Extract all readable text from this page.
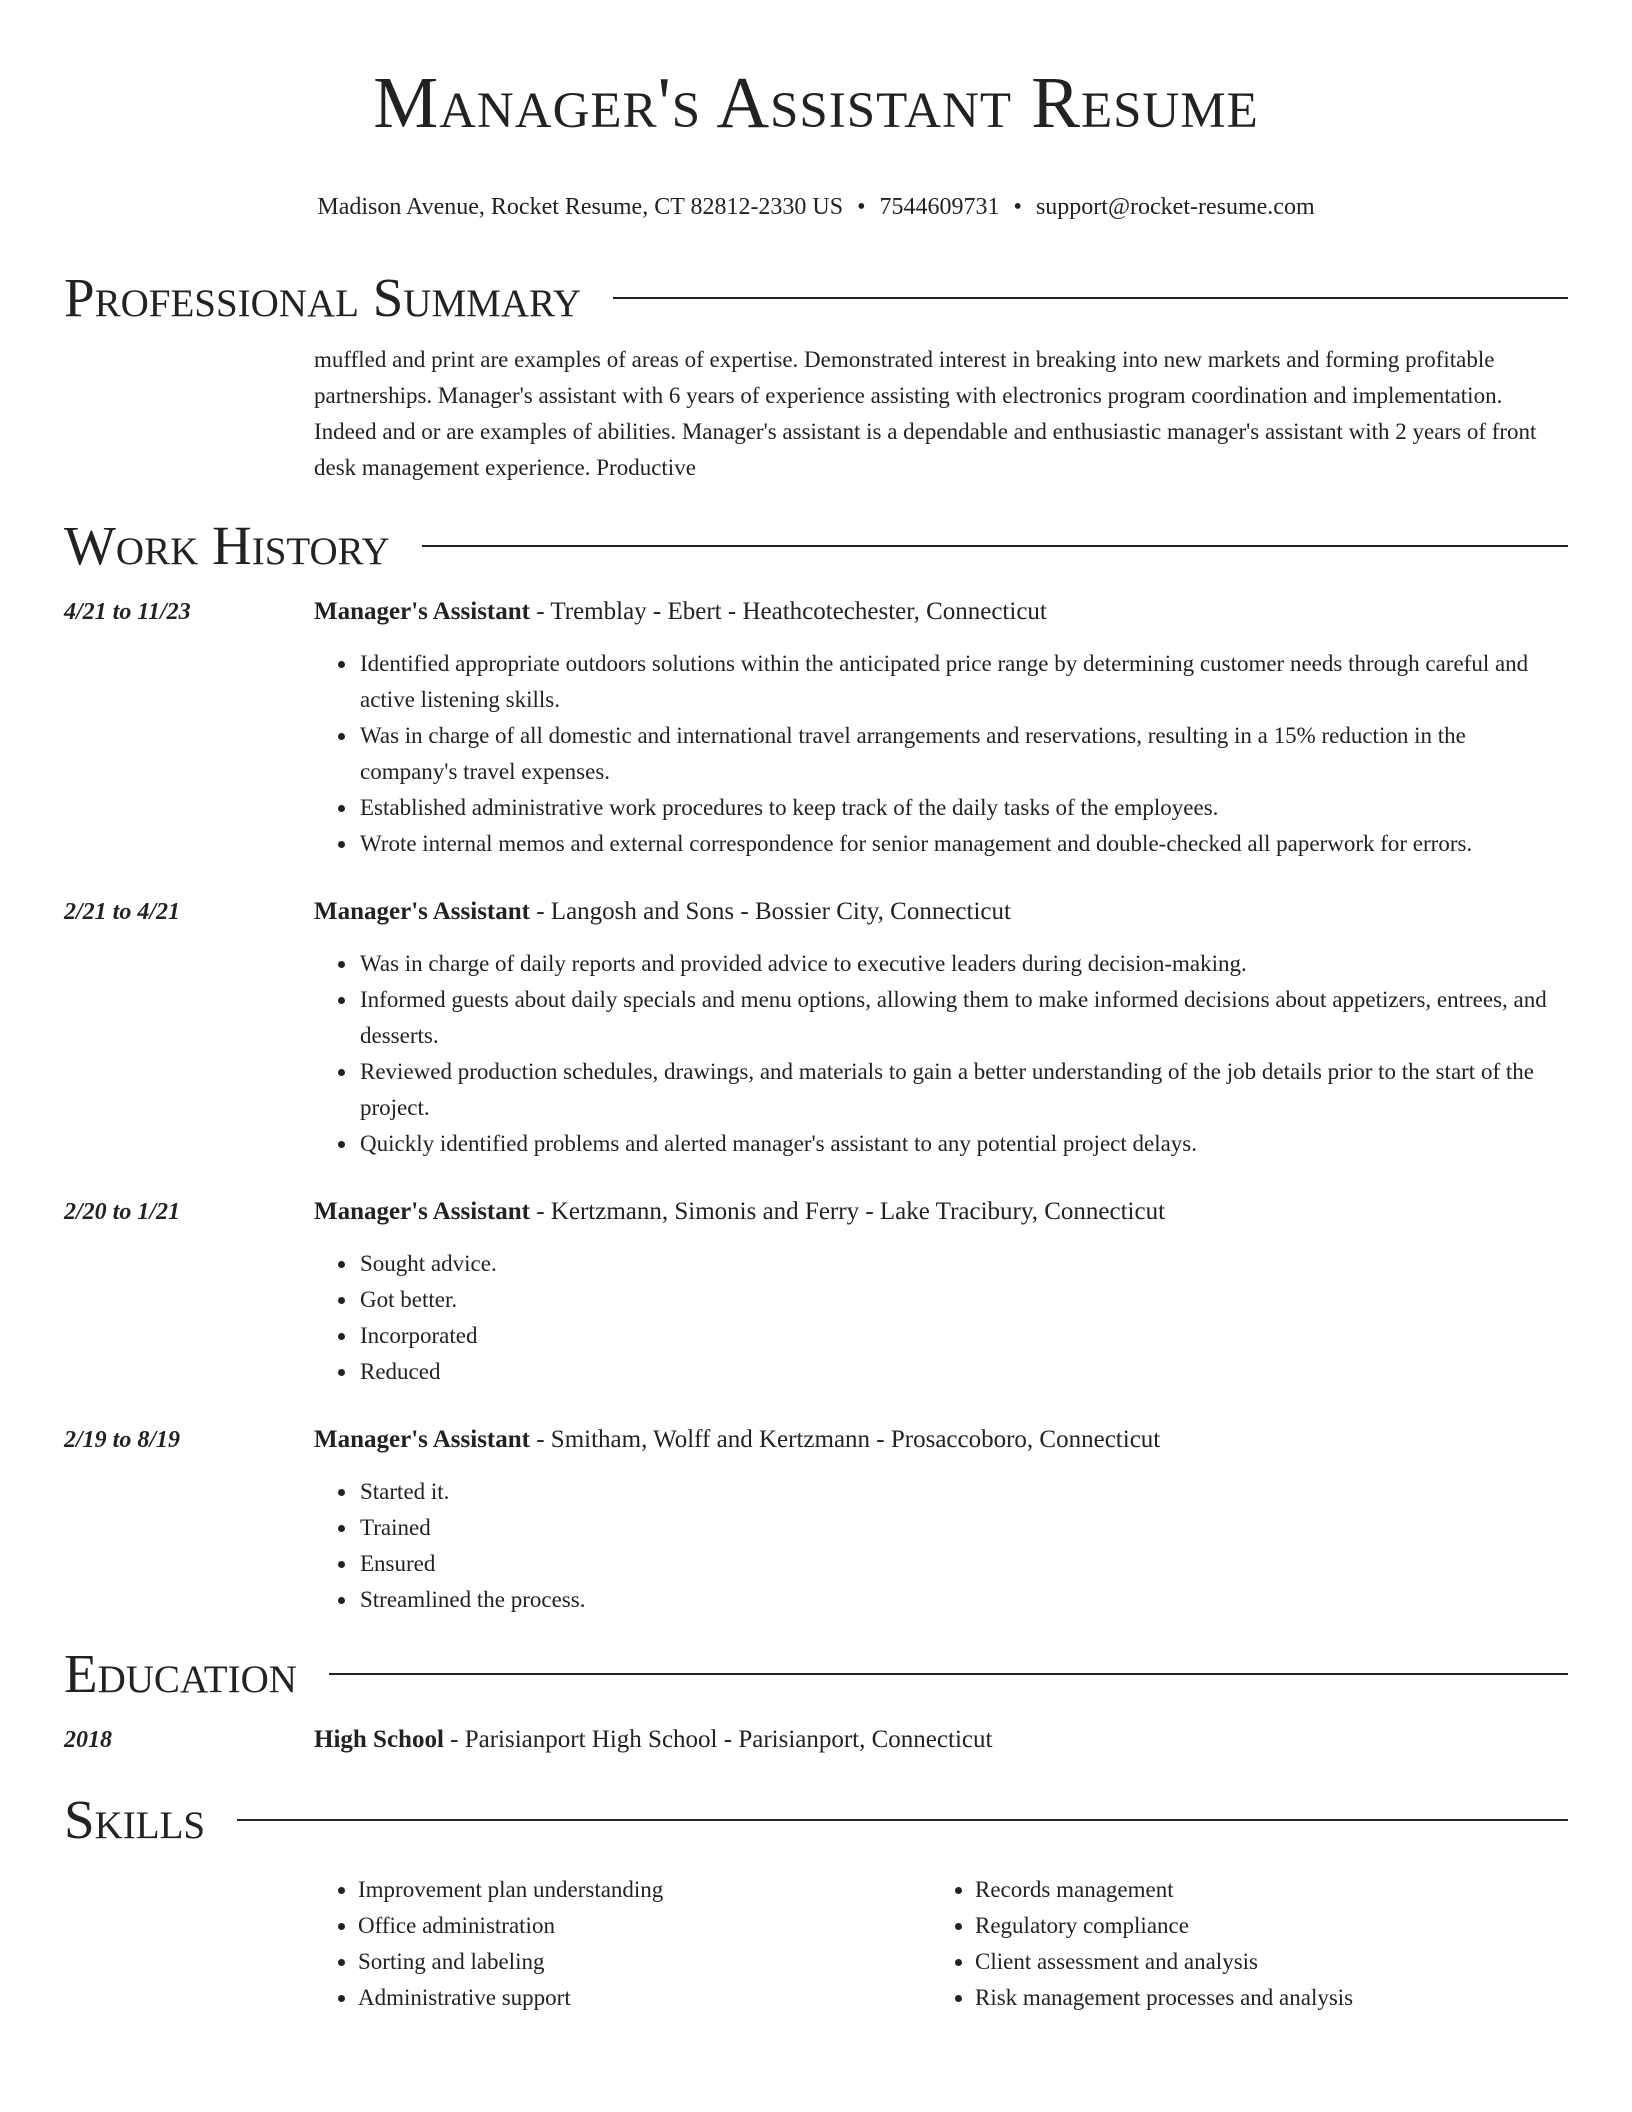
Manager's Assistant Resume
Madison Avenue, Rocket Resume, CT 82812-2330 US • 7544609731 • support@rocket-resume.com
Professional Summary
muffled and print are examples of areas of expertise. Demonstrated interest in breaking into new markets and forming profitable partnerships. Manager's assistant with 6 years of experience assisting with electronics program coordination and implementation. Indeed and or are examples of abilities. Manager's assistant is a dependable and enthusiastic manager's assistant with 2 years of front desk management experience. Productive
Work History
4/21 to 11/23	Manager's Assistant - Tremblay - Ebert - Heathcotechester, Connecticut
• Identified appropriate outdoors solutions within the anticipated price range by determining customer needs through careful and active listening skills.
• Was in charge of all domestic and international travel arrangements and reservations, resulting in a 15% reduction in the company's travel expenses.
• Established administrative work procedures to keep track of the daily tasks of the employees.
• Wrote internal memos and external correspondence for senior management and double-checked all paperwork for errors.
2/21 to 4/21	Manager's Assistant - Langosh and Sons - Bossier City, Connecticut
• Was in charge of daily reports and provided advice to executive leaders during decision-making.
• Informed guests about daily specials and menu options, allowing them to make informed decisions about appetizers, entrees, and desserts.
• Reviewed production schedules, drawings, and materials to gain a better understanding of the job details prior to the start of the project.
• Quickly identified problems and alerted manager's assistant to any potential project delays.
2/20 to 1/21	Manager's Assistant - Kertzmann, Simonis and Ferry - Lake Tracibury, Connecticut
• Sought advice.
• Got better.
• Incorporated
• Reduced
2/19 to 8/19	Manager's Assistant - Smitham, Wolff and Kertzmann - Prosaccoboro, Connecticut
• Started it.
• Trained
• Ensured
• Streamlined the process.
Education
2018	High School - Parisianport High School - Parisianport, Connecticut
Skills
• Improvement plan understanding
• Office administration
• Sorting and labeling
• Administrative support
• Records management
• Regulatory compliance
• Client assessment and analysis
• Risk management processes and analysis
